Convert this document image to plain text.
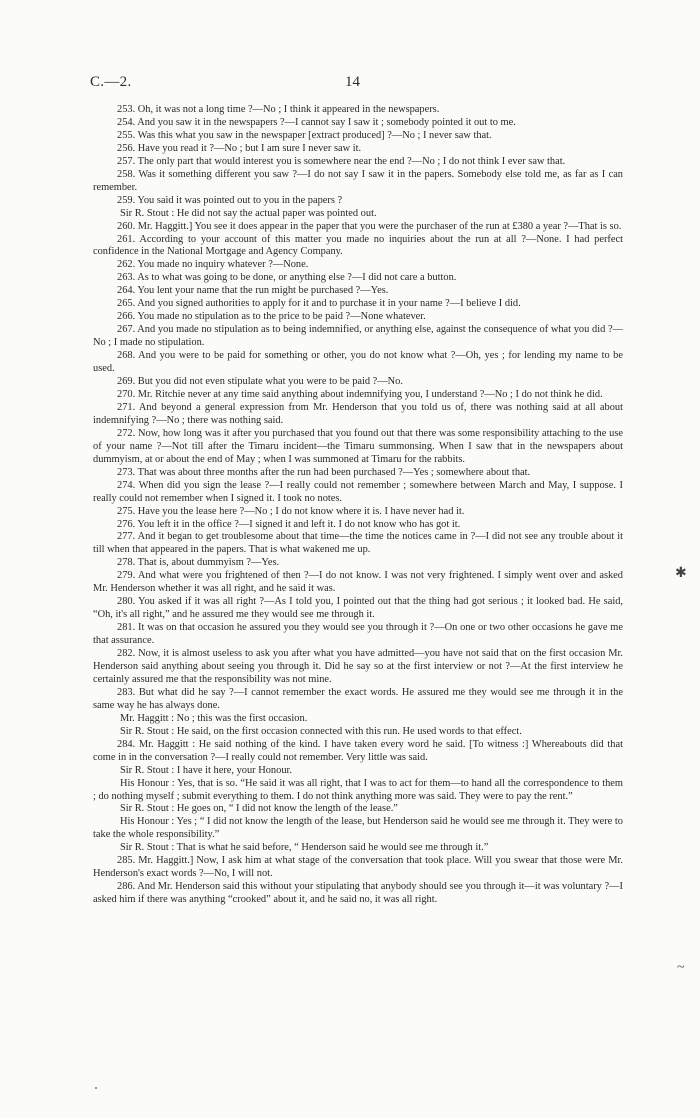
C.—2.	14

253. Oh, it was not a long time ?—No ; I think it appeared in the newspapers.

254. And you saw it in the newspapers ?—I cannot say I saw it ; somebody pointed it out to me.

255. Was this what you saw in the newspaper [extract produced] ?—No ; I never saw that.

256. Have you read it ?—No ; but I am sure I never saw it.

257. The only part that would interest you is somewhere near the end ?—No ; I do not think I ever saw that.

258. Was it something different you saw ?—I do not say I saw it in the papers. Somebody else told me, as far as I can remember.

259. You said it was pointed out to you in the papers ?

Sir R. Stout : He did not say the actual paper was pointed out.

260. Mr. Haggitt.] You see it does appear in the paper that you were the purchaser of the run at £380 a year ?—That is so.

261. According to your account of this matter you made no inquiries about the run at all ?—None. I had perfect confidence in the National Mortgage and Agency Company.

262. You made no inquiry whatever ?—None.

263. As to what was going to be done, or anything else ?—I did not care a button.

264. You lent your name that the run might be purchased ?—Yes.

265. And you signed authorities to apply for it and to purchase it in your name ?—I believe I did.

266. You made no stipulation as to the price to be paid ?—None whatever.

267. And you made no stipulation as to being indemnified, or anything else, against the consequence of what you did ?—No ; I made no stipulation.

268. And you were to be paid for something or other, you do not know what ?—Oh, yes ; for lending my name to be used.

269. But you did not even stipulate what you were to be paid ?—No.

270. Mr. Ritchie never at any time said anything about indemnifying you, I understand ?—No ; I do not think he did.

271. And beyond a general expression from Mr. Henderson that you told us of, there was nothing said at all about indemnifying ?—No ; there was nothing said.

272. Now, how long was it after you purchased that you found out that there was some responsibility attaching to the use of your name ?—Not till after the Timaru incident—the Timaru summonsing. When I saw that in the newspapers about dummyism, at or about the end of May ; when I was summoned at Timaru for the rabbits.

273. That was about three months after the run had been purchased ?—Yes ; somewhere about that.

274. When did you sign the lease ?—I really could not remember ; somewhere between March and May, I suppose. I really could not remember when I signed it. I took no notes.

275. Have you the lease here ?—No ; I do not know where it is. I have never had it.

276. You left it in the office ?—I signed it and left it. I do not know who has got it.

277. And it began to get troublesome about that time—the time the notices came in ?—I did not see any trouble about it till when that appeared in the papers. That is what wakened me up.

278. That is, about dummyism ?—Yes.

279. And what were you frightened of then ?—I do not know. I was not very frightened. I simply went over and asked Mr. Henderson whether it was all right, and he said it was.

280. You asked if it was all right ?—As I told you, I pointed out that the thing had got serious ; it looked bad. He said, “Oh, it's all right,” and he assured me they would see me through it.

281. It was on that occasion he assured you they would see you through it ?—On one or two other occasions he gave me that assurance.

282. Now, it is almost useless to ask you after what you have admitted—you have not said that on the first occasion Mr. Henderson said anything about seeing you through it. Did he say so at the first interview or not ?—At the first interview he certainly assured me that the responsibility was not mine.

283. But what did he say ?—I cannot remember the exact words. He assured me they would see me through it in the same way he has always done.

Mr. Haggitt : No ; this was the first occasion.

Sir R. Stout : He said, on the first occasion connected with this run. He used words to that effect.

284. Mr. Haggitt : He said nothing of the kind. I have taken every word he said. [To witness :] Whereabouts did that come in in the conversation ?—I really could not remember. Very little was said.

Sir R. Stout : I have it here, your Honour.

His Honour : Yes, that is so. “He said it was all right, that I was to act for them—to hand all the correspondence to them ; do nothing myself ; submit everything to them. I do not think anything more was said. They were to pay the rent.”

Sir R. Stout : He goes on, “ I did not know the length of the lease.”

His Honour : Yes ; “ I did not know the length of the lease, but Henderson said he would see me through it. They were to take the whole responsibility.”

Sir R. Stout : That is what he said before, “ Henderson said he would see me through it.”

285. Mr. Haggitt.] Now, I ask him at what stage of the conversation that took place. Will you swear that those were Mr. Henderson's exact words ?—No, I will not.

286. And Mr. Henderson said this without your stipulating that anybody should see you through it—it was voluntary ?—I asked him if there was anything “crooked” about it, and he said no, it was all right.

✱
~
